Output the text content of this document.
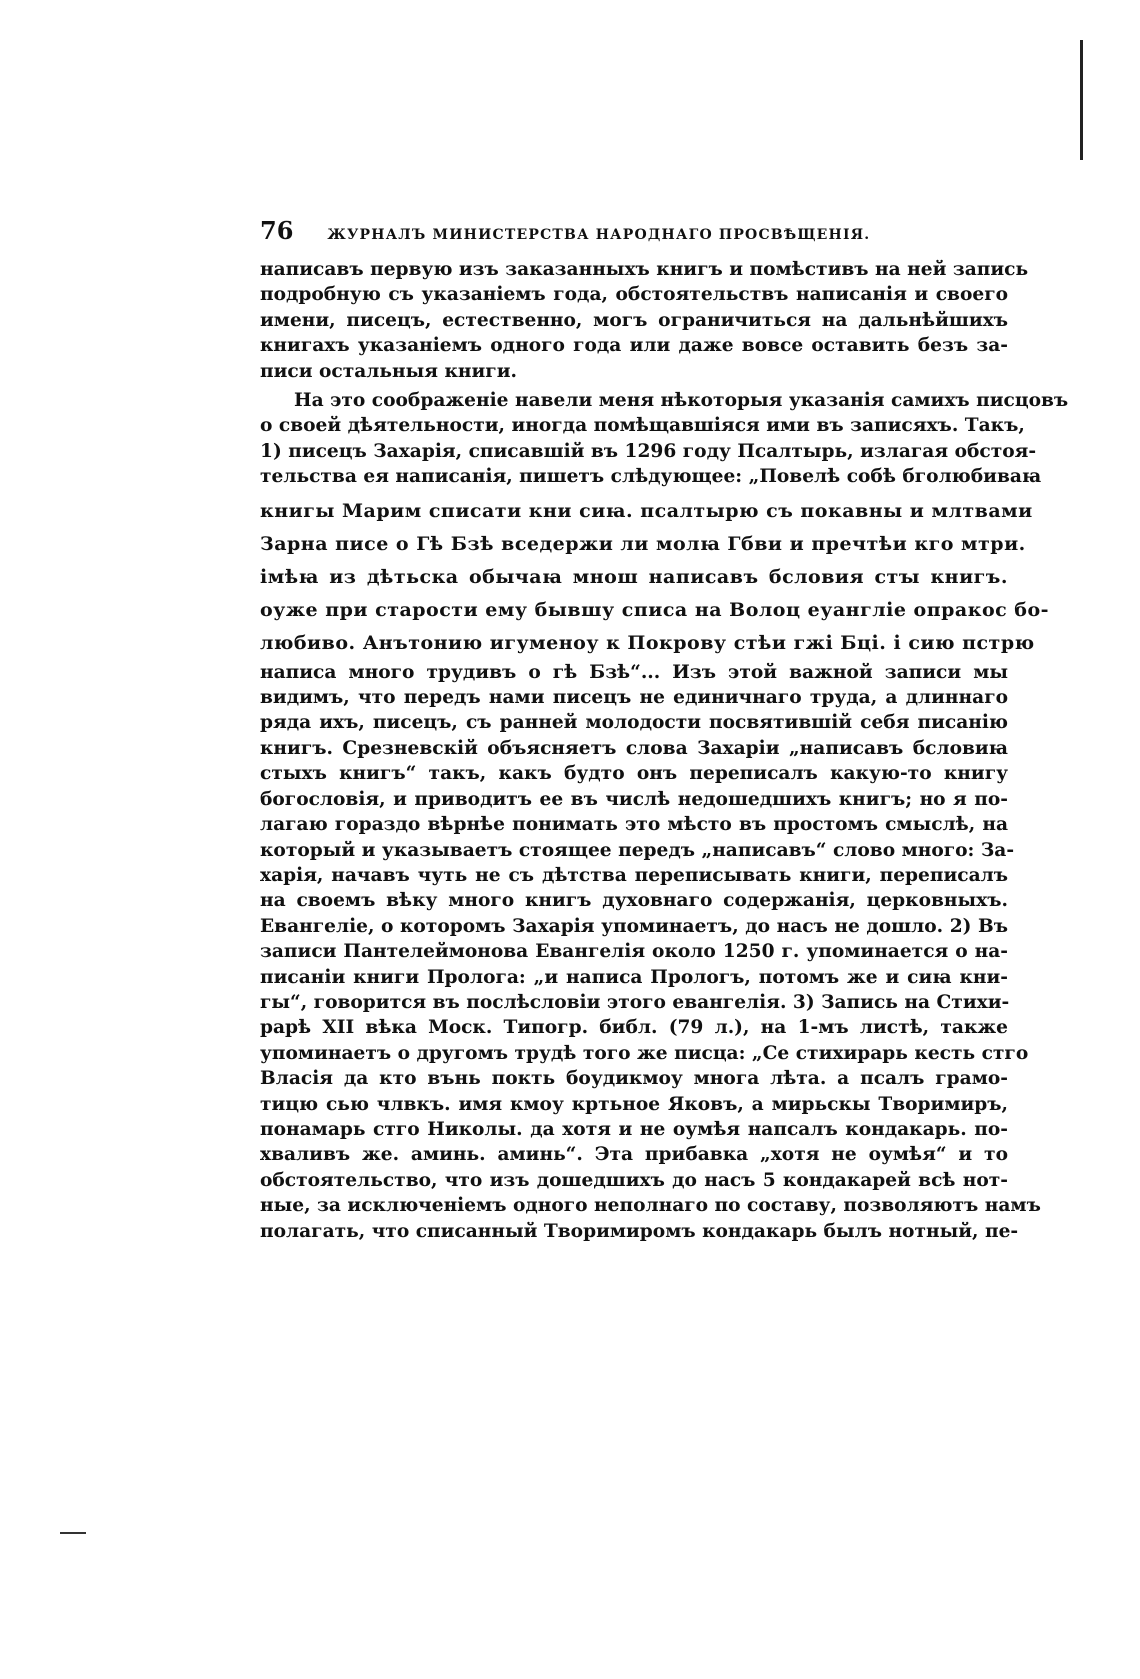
76 ЖУРНАЛЪ МИНИСТЕРСТВА НАРОДНАГО ПРОСВѢЩЕНІЯ.
написавъ первую изъ заказанныхъ книгъ и помѣстивъ на ней запись
подробную съ указаніемъ года, обстоятельствъ написанія и своего
имени, писецъ, естественно, могъ ограничиться на дальнѣйшихъ
книгахъ указаніемъ одного года или даже вовсе оставить безъ за-
писи остальныя книги.
На это соображеніе навели меня нѣкоторыя указанія самихъ писцовъ
о своей дѣятельности, иногда помѣщавшіяся ими въ записяхъ. Такъ,
1) писецъ Захарія, списавшій въ 1296 году Псалтырь, излагая обстоя-
тельства ея написанія, пишетъ слѣдующее: „Повелѣ собѣ бголюбиваꙗ
книгы Марим списати кни сиꙗ. псалтырю съ покавны и млтвами
Зарна писе о Гѣ Бзѣ вседержи ли молꙗ Гбви и пречтѣи кго мтри.
імѣꙗ из дѣтьска обычаꙗ мнош написавъ бсловия стꙑ книгъ.
оуже при старости ему бывшу списа на Волоц еуангліе опракос бо-
любиво. Анътонию игуменоу к Покрову стѣи гжі Бці. і сию пстрю
написа много трудивъ о гѣ Бзѣ“... Изъ этой важной записи мы
видимъ, что передъ нами писецъ не единичнаго труда, а длиннаго
ряда ихъ, писецъ, съ ранней молодости посвятившій себя писанію
книгъ. Срезневскій объясняетъ слова Захаріи „написавъ бсловиꙗ
стыхъ книгъ“ такъ, какъ будто онъ переписалъ какую-то книгу
богословія, и приводитъ ее въ числѣ недошедшихъ книгъ; но я по-
лагаю гораздо вѣрнѣе понимать это мѣсто въ простомъ смыслѣ, на
который и указываетъ стоящее передъ „написавъ“ слово много: За-
харія, начавъ чуть не съ дѣтства переписывать книги, переписалъ
на своемъ вѣку много книгъ духовнаго содержанія, церковныхъ.
Евангеліе, о которомъ Захарія упоминаетъ, до насъ не дошло. 2) Въ
записи Пантелеймонова Евангелія около 1250 г. упоминается о на-
писаніи книги Пролога: „и написа Прологъ, потомъ же и сиꙗ кни-
гы“, говорится въ послѣсловіи этого евангелія. 3) Запись на Стихи-
рарѣ XII вѣка Моск. Типогр. библ. (79 л.), на 1-мъ листѣ, также
упоминаетъ о другомъ трудѣ того же писца: „Се стихирарь кесть стго
Власія да кто вънь покть боудикмоу многа лѣта. а псалъ грамо-
тицю сью члвкъ. имя кмоу кртьное Яковъ, а мирьскы Творимиръ,
понамарь стго Николы. да хотя и не оумѣя напсалъ кондакарь. по-
хваливъ же. аминь. аминь“. Эта прибавка „хотя не оумѣя“ и то
обстоятельство, что изъ дошедшихъ до насъ 5 кондакарей всѣ нот-
ные, за исключеніемъ одного неполнаго по составу, позволяютъ намъ
полагать, что списанный Творимиромъ кондакарь былъ нотный, пе-
